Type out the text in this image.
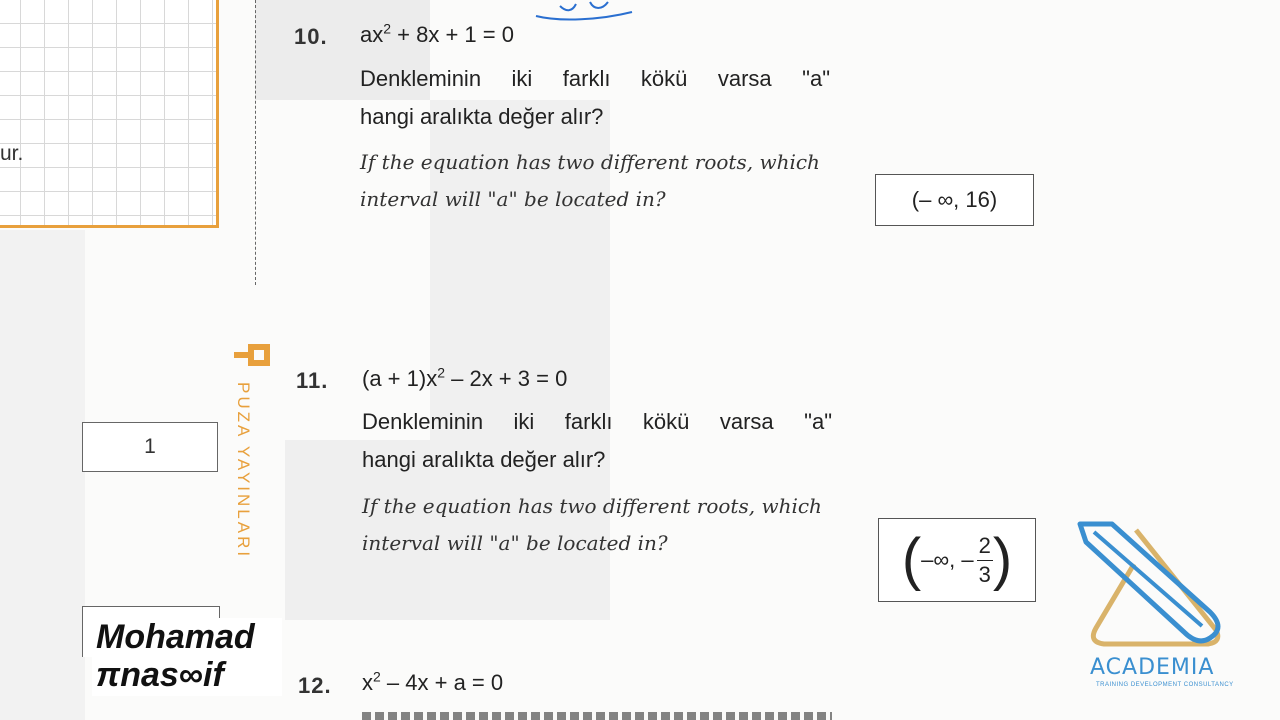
ur.
1	PUZA YAYINLARI
10. $ax^2 + 8x + 1 = 0$
Denkleminin iki farklı kökü varsa "a"
hangi aralıkta değer alır?
If the equation has two different roots, which
interval will "a" be located in?	(– ∞, 16)
11. $(a + 1)x^2 - 2x + 3 = 0$
Denkleminin iki farklı kökü varsa "a"
hangi aralıkta değer alır?
If the equation has two different roots, which
interval will "a" be located in?	( –∞, – $\frac{2}{3}$ )
12. $x^2 - 4x + a = 0$
Mohamad
πnas∞if	ACADEMIA
TRAINING DEVELOPMENT CONSULTANCY
